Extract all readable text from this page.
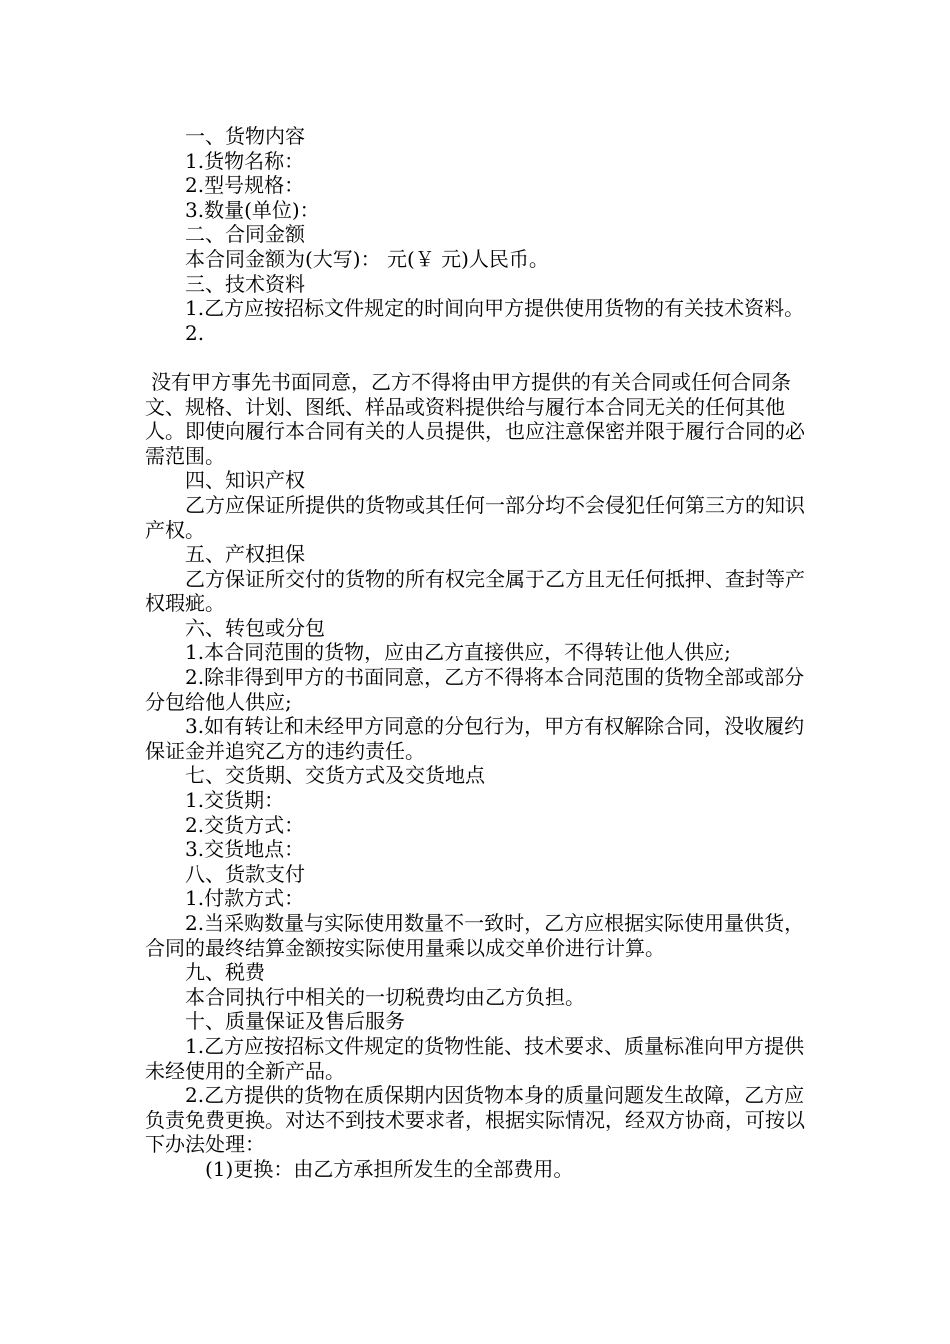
一、货物内容

1.货物名称：

2.型号规格：

3.数量(单位)：

二、合同金额

本合同金额为(大写)： 元(￥ 元)人民币。

三、技术资料

1.乙方应按招标文件规定的时间向甲方提供使用货物的有关技术资料。

2.

没有甲方事先书面同意，乙方不得将由甲方提供的有关合同或任何合同条文、规格、计划、图纸、样品或资料提供给与履行本合同无关的任何其他人。即使向履行本合同有关的人员提供，也应注意保密并限于履行合同的必需范围。

四、知识产权

乙方应保证所提供的货物或其任何一部分均不会侵犯任何第三方的知识产权。

五、产权担保

乙方保证所交付的货物的所有权完全属于乙方且无任何抵押、查封等产权瑕疵。

六、转包或分包

1.本合同范围的货物，应由乙方直接供应，不得转让他人供应;

2.除非得到甲方的书面同意，乙方不得将本合同范围的货物全部或部分分包给他人供应;

3.如有转让和未经甲方同意的分包行为，甲方有权解除合同，没收履约保证金并追究乙方的违约责任。

七、交货期、交货方式及交货地点

1.交货期：

2.交货方式：

3.交货地点：

八、货款支付

1.付款方式：

2.当采购数量与实际使用数量不一致时，乙方应根据实际使用量供货，合同的最终结算金额按实际使用量乘以成交单价进行计算。

九、税费

本合同执行中相关的一切税费均由乙方负担。

十、质量保证及售后服务

1.乙方应按招标文件规定的货物性能、技术要求、质量标准向甲方提供未经使用的全新产品。

2.乙方提供的货物在质保期内因货物本身的质量问题发生故障，乙方应负责免费更换。对达不到技术要求者，根据实际情况，经双方协商，可按以下办法处理：

(1)更换：由乙方承担所发生的全部费用。
